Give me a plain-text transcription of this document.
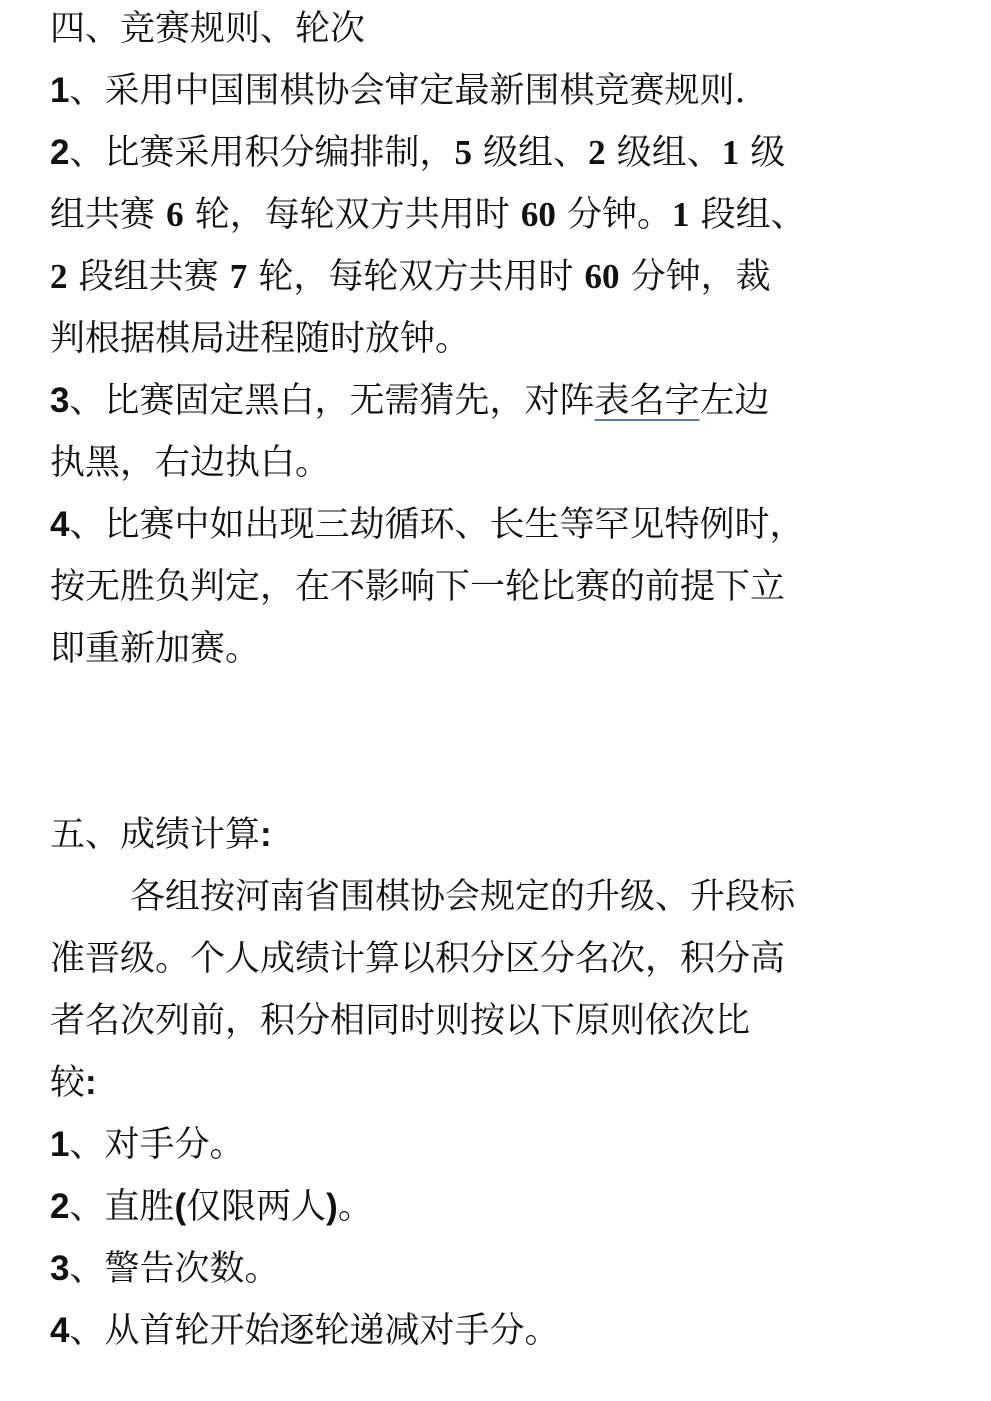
四、竞赛规则、轮次
1、采用中国围棋协会审定最新围棋竞赛规则.
2、比赛采用积分编排制，5 级组、2 级组、1 级
组共赛 6 轮，每轮双方共用时 60 分钟。1 段组、
2 段组共赛 7 轮，每轮双方共用时 60 分钟，裁
判根据棋局进程随时放钟。
3、比赛固定黑白，无需猜先，对阵表名字左边
执黑，右边执白。
4、比赛中如出现三劫循环、长生等罕见特例时，
按无胜负判定，在不影响下一轮比赛的前提下立
即重新加赛。
五、成绩计算:
各组按河南省围棋协会规定的升级、升段标
准晋级。个人成绩计算以积分区分名次，积分高
者名次列前，积分相同时则按以下原则依次比
较:
1、对手分。
2、直胜(仅限两人)。
3、警告次数。
4、从首轮开始逐轮递减对手分。
